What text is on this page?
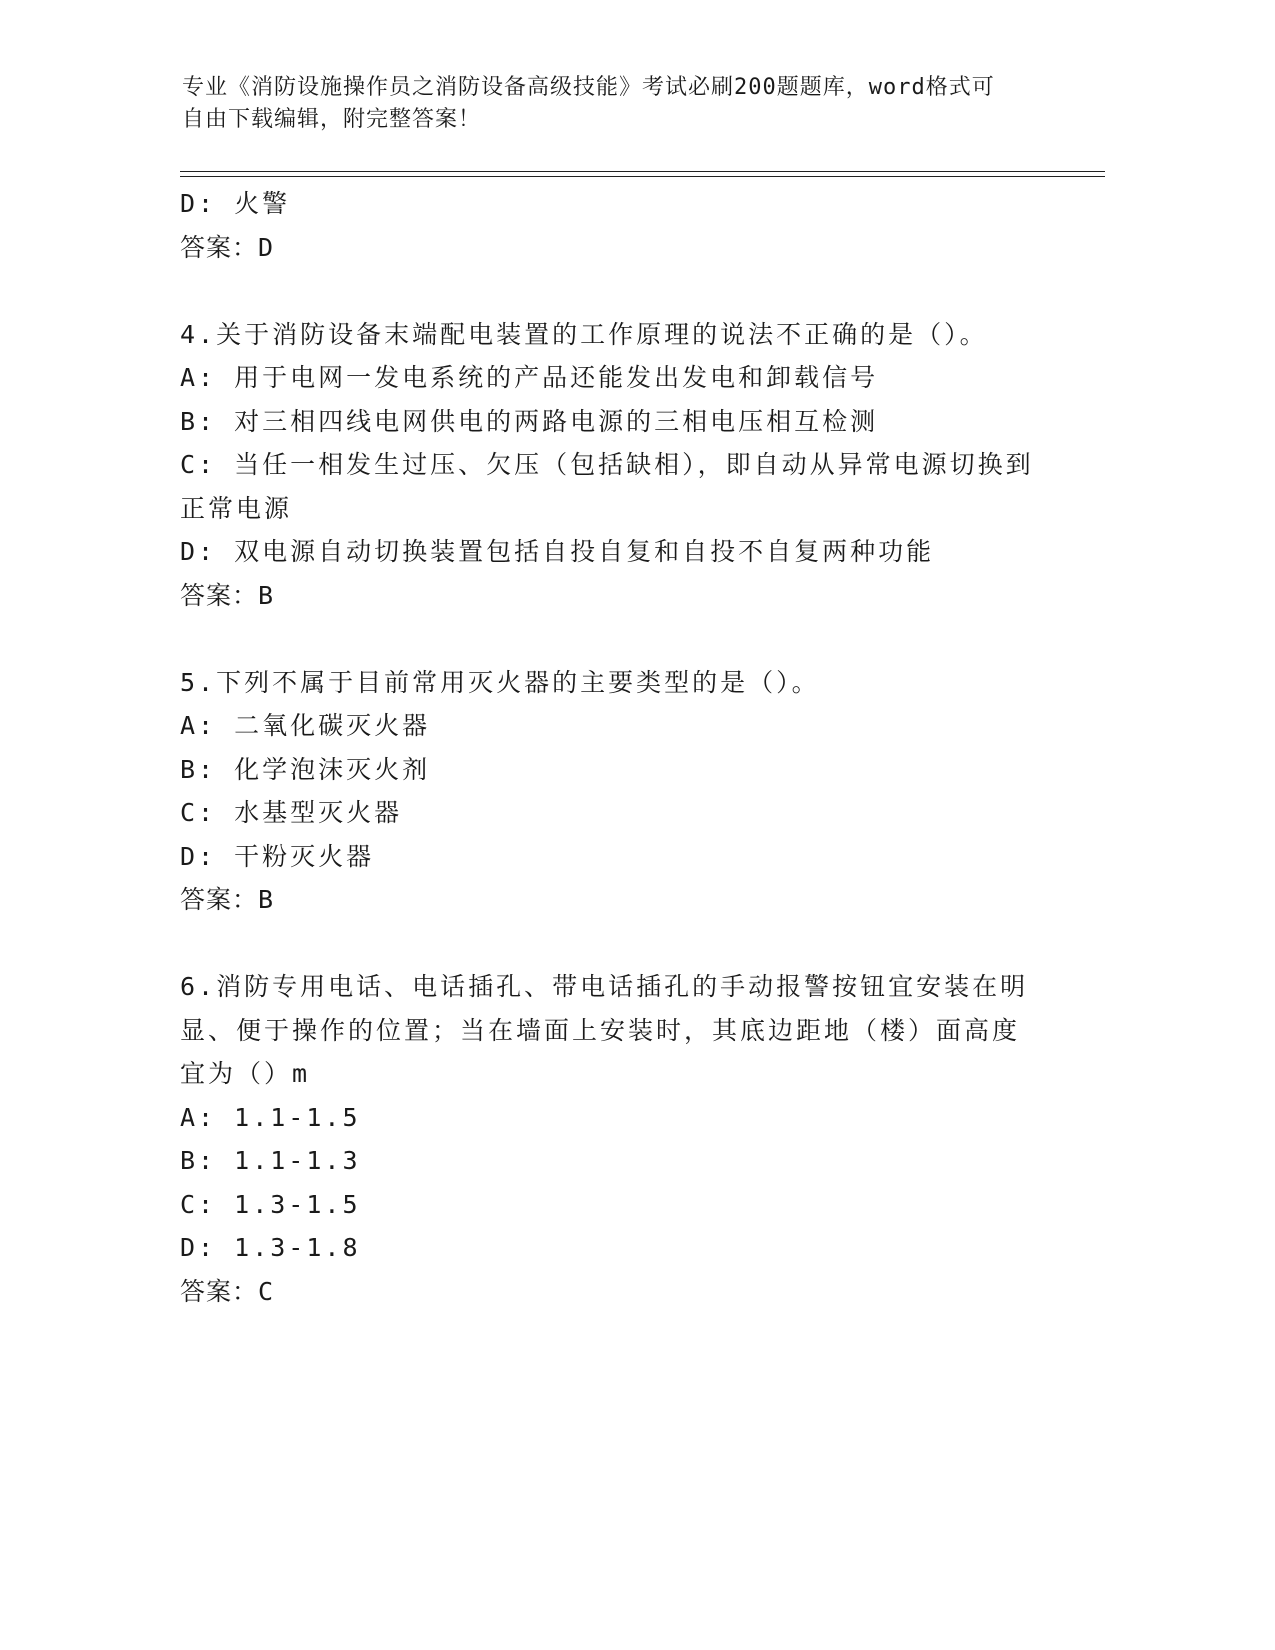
专业《消防设施操作员之消防设备高级技能》考试必刷200题题库，word格式可

自由下载编辑，附完整答案！

D: 火警

答案：D

4.关于消防设备末端配电装置的工作原理的说法不正确的是（）。

A: 用于电网一发电系统的产品还能发出发电和卸载信号

B: 对三相四线电网供电的两路电源的三相电压相互检测

C: 当任一相发生过压、欠压（包括缺相），即自动从异常电源切换到

正常电源

D: 双电源自动切换装置包括自投自复和自投不自复两种功能

答案：B

5.下列不属于目前常用灭火器的主要类型的是（）。

A: 二氧化碳灭火器

B: 化学泡沫灭火剂

C: 水基型灭火器

D: 干粉灭火器

答案：B

6.消防专用电话、电话插孔、带电话插孔的手动报警按钮宜安装在明

显、便于操作的位置；当在墙面上安装时，其底边距地（楼）面高度

宜为（）m

A: 1.1-1.5

B: 1.1-1.3

C: 1.3-1.5

D: 1.3-1.8

答案：C
